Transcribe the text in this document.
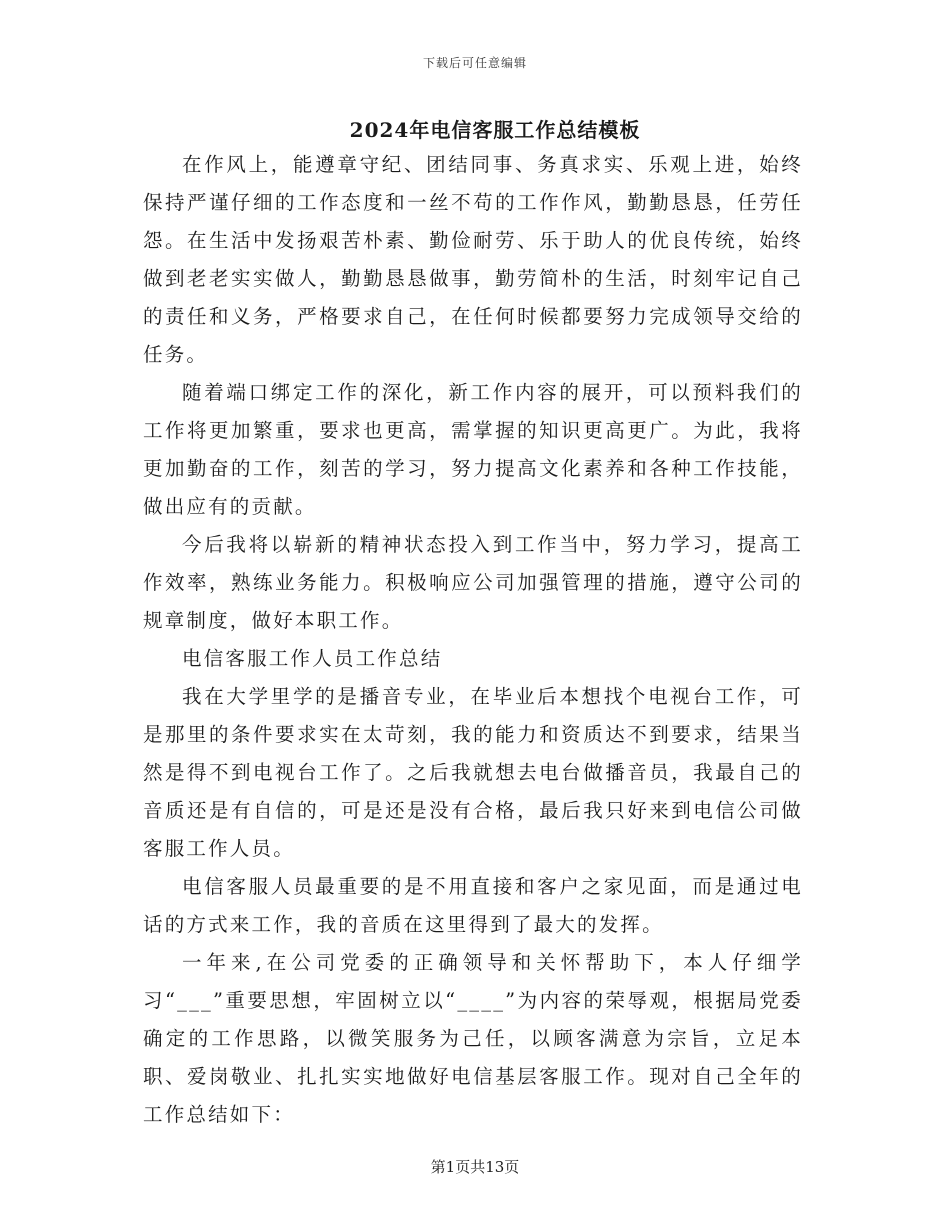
下载后可任意编辑
2024年电信客服工作总结模板

在作风上，能遵章守纪、团结同事、务真求实、乐观上进，始终保持严谨仔细的工作态度和一丝不苟的工作作风，勤勤恳恳，任劳任怨。在生活中发扬艰苦朴素、勤俭耐劳、乐于助人的优良传统，始终做到老老实实做人，勤勤恳恳做事，勤劳简朴的生活，时刻牢记自己的责任和义务，严格要求自己，在任何时候都要努力完成领导交给的任务。

随着端口绑定工作的深化，新工作内容的展开，可以预料我们的工作将更加繁重，要求也更高，需掌握的知识更高更广。为此，我将更加勤奋的工作，刻苦的学习，努力提高文化素养和各种工作技能，做出应有的贡献。

今后我将以崭新的精神状态投入到工作当中，努力学习，提高工作效率，熟练业务能力。积极响应公司加强管理的措施，遵守公司的规章制度，做好本职工作。

电信客服工作人员工作总结

我在大学里学的是播音专业，在毕业后本想找个电视台工作，可是那里的条件要求实在太苛刻，我的能力和资质达不到要求，结果当然是得不到电视台工作了。之后我就想去电台做播音员，我最自己的音质还是有自信的，可是还是没有合格，最后我只好来到电信公司做客服工作人员。

电信客服人员最重要的是不用直接和客户之家见面，而是通过电话的方式来工作，我的音质在这里得到了最大的发挥。

一年来,在公司党委的正确领导和关怀帮助下，本人仔细学习“___”重要思想，牢固树立以“____”为内容的荣辱观，根据局党委确定的工作思路，以微笑服务为己任，以顾客满意为宗旨，立足本职、爱岗敬业、扎扎实实地做好电信基层客服工作。现对自己全年的工作总结如下：

第1页共13页
